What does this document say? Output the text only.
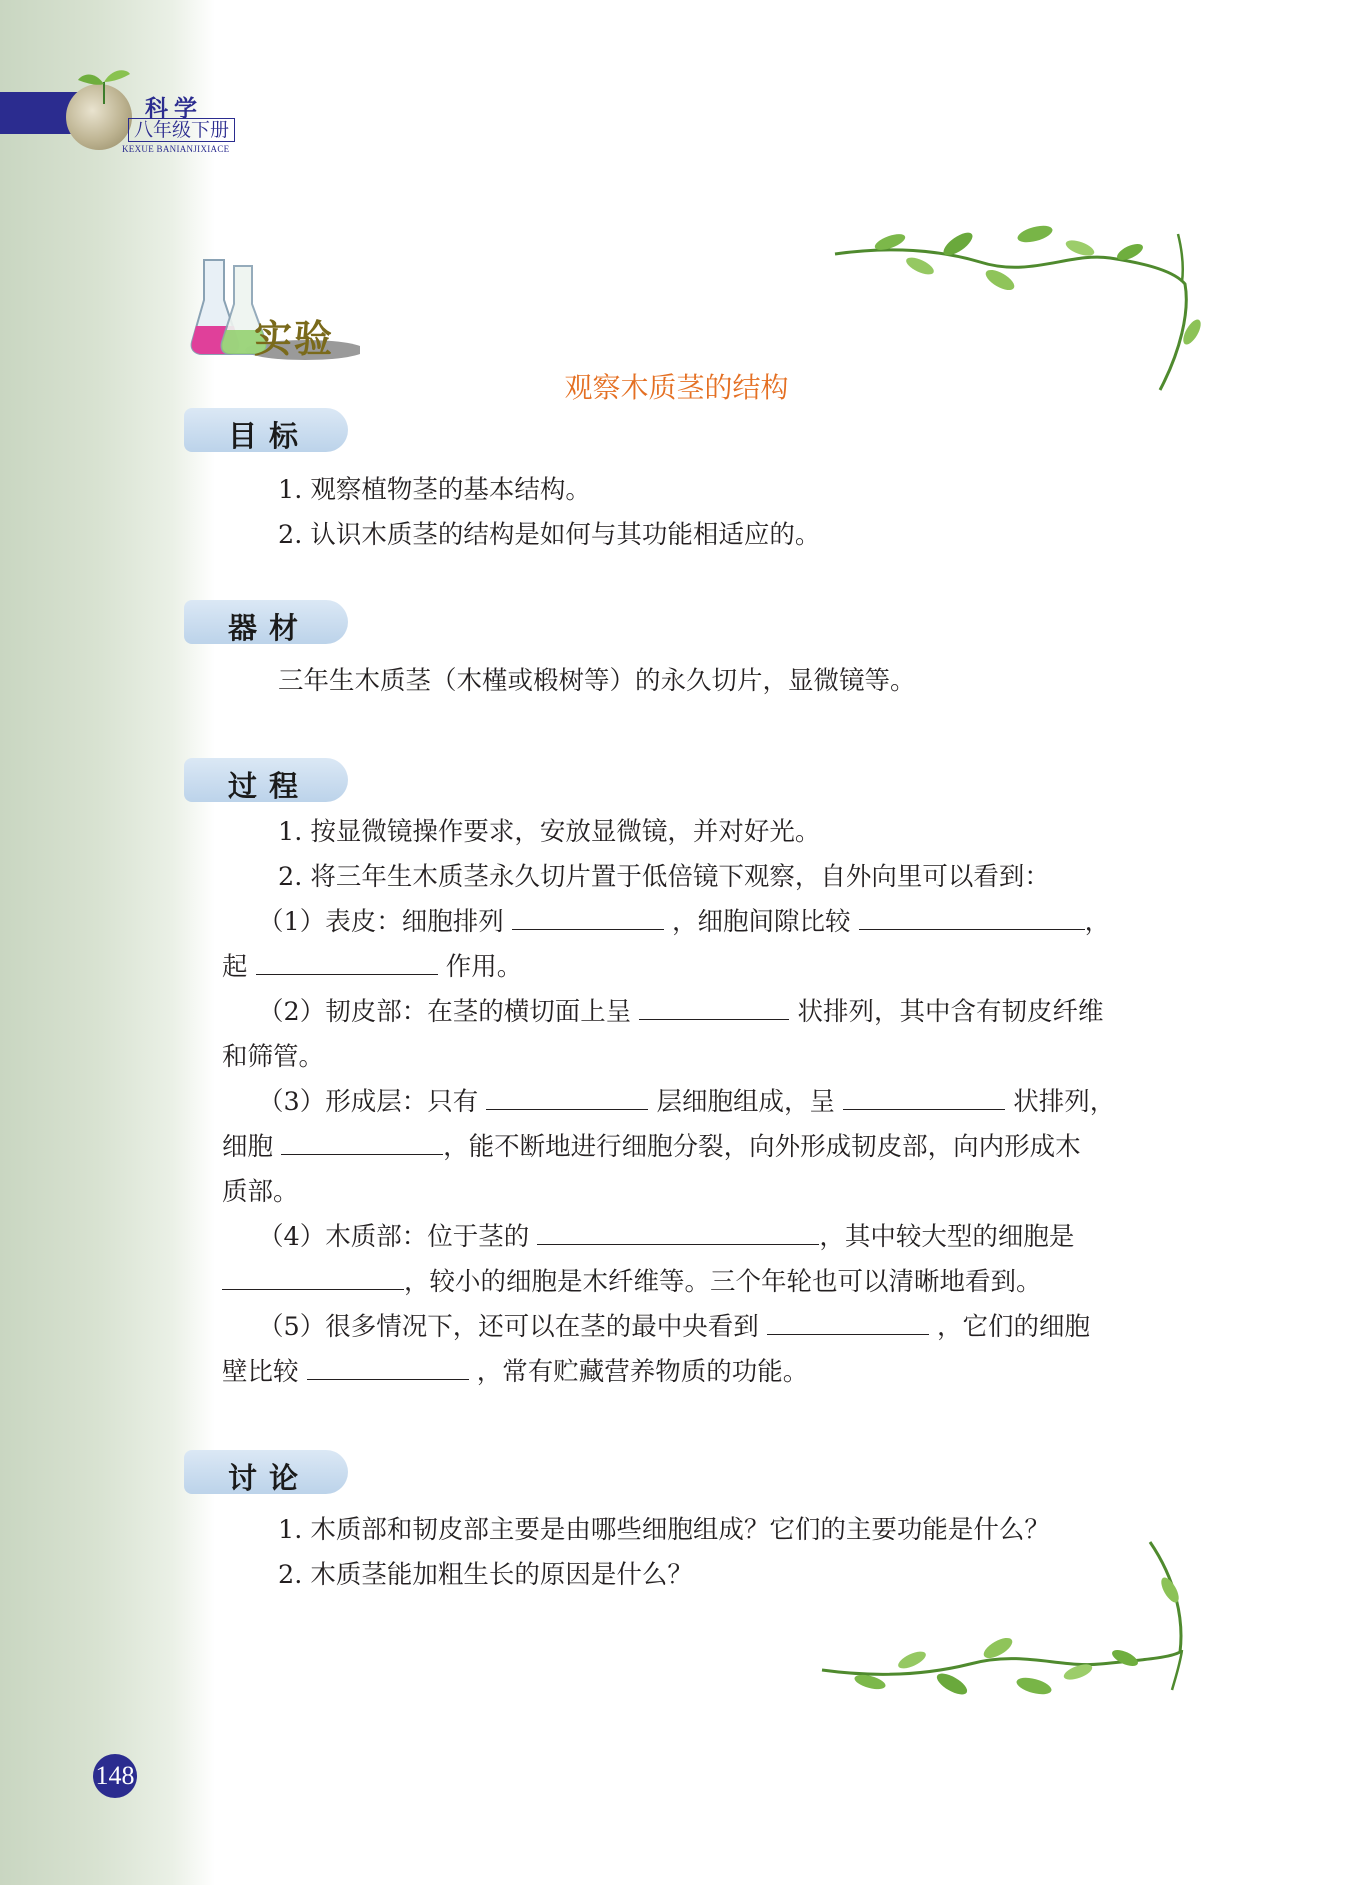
科学
八年级下册
KEXUE BANIANJIXIACE
实验
观察木质茎的结构
目标
1. 观察植物茎的基本结构。
2. 认识木质茎的结构是如何与其功能相适应的。
器材
三年生木质茎（木槿或椴树等）的永久切片，显微镜等。
过程
1. 按显微镜操作要求，安放显微镜，并对好光。
2. 将三年生木质茎永久切片置于低倍镜下观察，自外向里可以看到：
（1）表皮：细胞排列	，细胞间隙比较	，
起	作用。
（2）韧皮部：在茎的横切面上呈	状排列，其中含有韧皮纤维
和筛管。
（3）形成层：只有	层细胞组成，呈	状排列，
细胞	，能不断地进行细胞分裂，向外形成韧皮部，向内形成木
质部。
（4）木质部：位于茎的	，其中较大型的细胞是
，较小的细胞是木纤维等。三个年轮也可以清晰地看到。
（5）很多情况下，还可以在茎的最中央看到	，它们的细胞
壁比较	，常有贮藏营养物质的功能。
讨论
1. 木质部和韧皮部主要是由哪些细胞组成？它们的主要功能是什么？
2. 木质茎能加粗生长的原因是什么？
148
